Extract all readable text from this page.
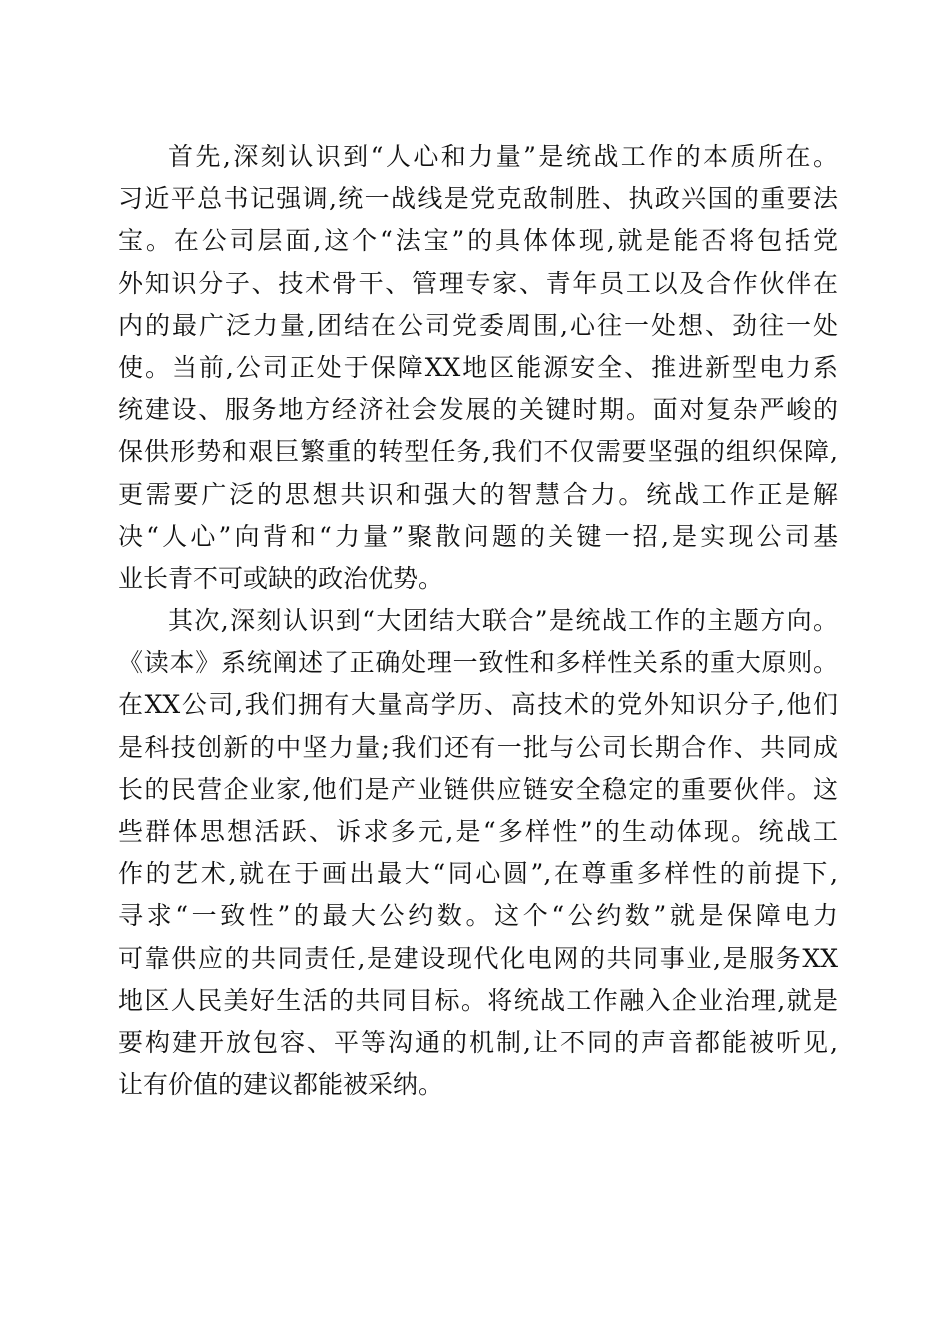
首先,深刻认识到“人心和力量”是统战工作的本质所在。
习近平总书记强调,统一战线是党克敌制胜、执政兴国的重要法
宝。在公司层面,这个“法宝”的具体体现,就是能否将包括党
外知识分子、技术骨干、管理专家、青年员工以及合作伙伴在
内的最广泛力量,团结在公司党委周围,心往一处想、劲往一处
使。当前,公司正处于保障XX地区能源安全、推进新型电力系
统建设、服务地方经济社会发展的关键时期。面对复杂严峻的
保供形势和艰巨繁重的转型任务,我们不仅需要坚强的组织保障,
更需要广泛的思想共识和强大的智慧合力。统战工作正是解
决“人心”向背和“力量”聚散问题的关键一招,是实现公司基
业长青不可或缺的政治优势。
其次,深刻认识到“大团结大联合”是统战工作的主题方向。
《读本》系统阐述了正确处理一致性和多样性关系的重大原则。
在XX公司,我们拥有大量高学历、高技术的党外知识分子,他们
是科技创新的中坚力量;我们还有一批与公司长期合作、共同成
长的民营企业家,他们是产业链供应链安全稳定的重要伙伴。这
些群体思想活跃、诉求多元,是“多样性”的生动体现。统战工
作的艺术,就在于画出最大“同心圆”,在尊重多样性的前提下,
寻求“一致性”的最大公约数。这个“公约数”就是保障电力
可靠供应的共同责任,是建设现代化电网的共同事业,是服务XX
地区人民美好生活的共同目标。将统战工作融入企业治理,就是
要构建开放包容、平等沟通的机制,让不同的声音都能被听见,
让有价值的建议都能被采纳。
